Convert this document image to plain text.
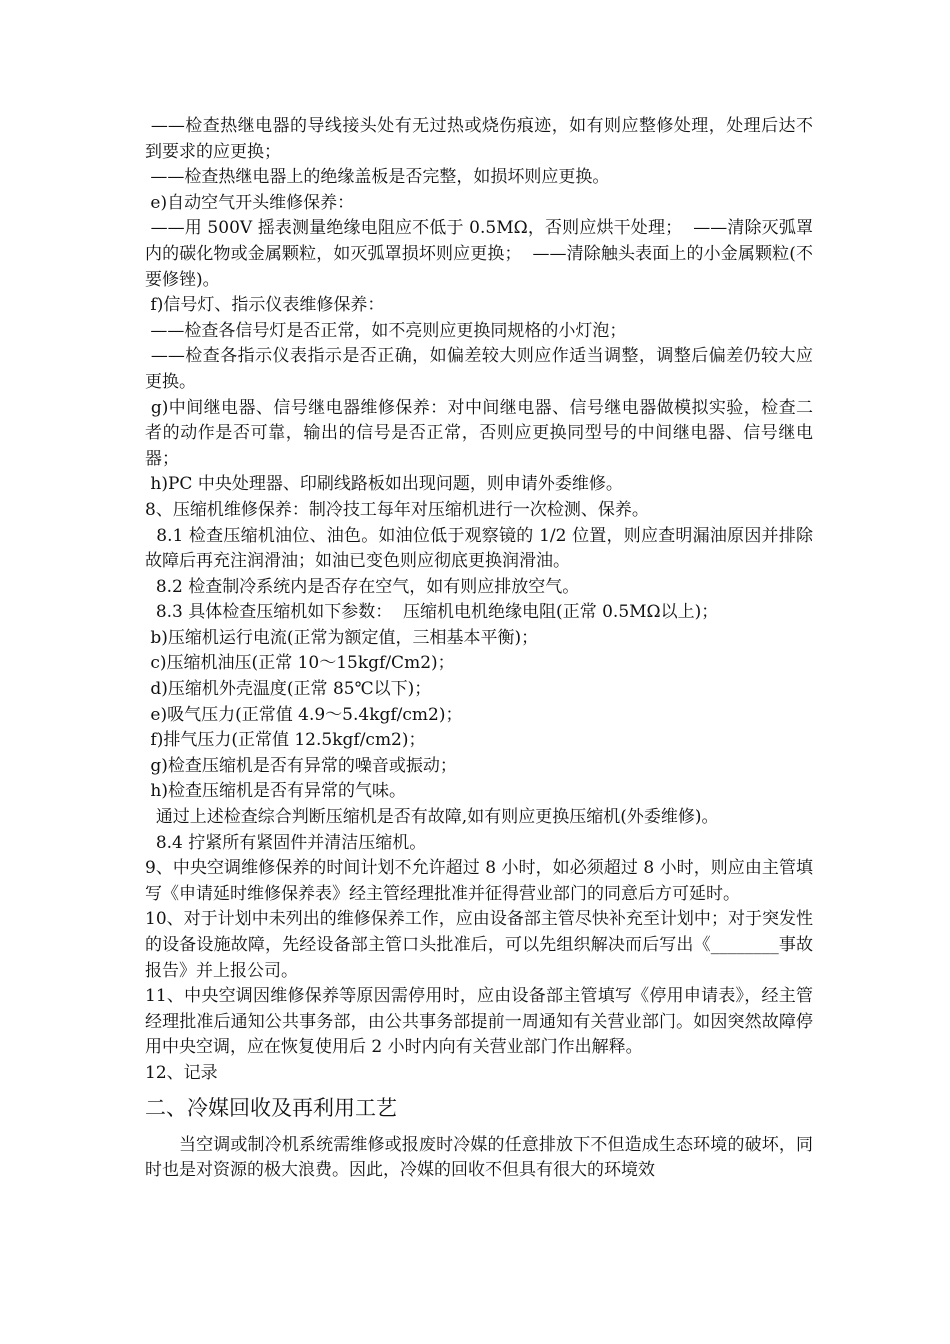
——检查热继电器的导线接头处有无过热或烧伤痕迹，如有则应整修处理，处理后达不到要求的应更换；

——检查热继电器上的绝缘盖板是否完整，如损坏则应更换。

e)自动空气开头维修保养：

——用 500V 摇表测量绝缘电阻应不低于 0.5MΩ，否则应烘干处理；  ——清除灭弧罩内的碳化物或金属颗粒，如灭弧罩损坏则应更换；  ——清除触头表面上的小金属颗粒(不要修锉)。

f)信号灯、指示仪表维修保养：

——检查各信号灯是否正常，如不亮则应更换同规格的小灯泡；

——检查各指示仪表指示是否正确，如偏差较大则应作适当调整，调整后偏差仍较大应更换。

g)中间继电器、信号继电器维修保养：对中间继电器、信号继电器做模拟实验，检查二者的动作是否可靠，输出的信号是否正常，否则应更换同型号的中间继电器、信号继电器；

h)PC 中央处理器、印刷线路板如出现问题，则申请外委维修。

8、压缩机维修保养：制冷技工每年对压缩机进行一次检测、保养。

8.1 检查压缩机油位、油色。如油位低于观察镜的 1/2 位置，则应查明漏油原因并排除故障后再充注润滑油；如油已变色则应彻底更换润滑油。

8.2 检查制冷系统内是否存在空气，如有则应排放空气。

8.3 具体检查压缩机如下参数：  压缩机电机绝缘电阻(正常 0.5MΩ以上)；

b)压缩机运行电流(正常为额定值，三相基本平衡)；

c)压缩机油压(正常 10～15kgf/Cm2)；

d)压缩机外壳温度(正常 85℃以下)；

e)吸气压力(正常值 4.9～5.4kgf/cm2)；

f)排气压力(正常值 12.5kgf/cm2)；

g)检查压缩机是否有异常的噪音或振动；

h)检查压缩机是否有异常的气味。

通过上述检查综合判断压缩机是否有故障,如有则应更换压缩机(外委维修)。

8.4 拧紧所有紧固件并清洁压缩机。

9、中央空调维修保养的时间计划不允许超过 8 小时，如必须超过 8 小时，则应由主管填写《申请延时维修保养表》经主管经理批准并征得营业部门的同意后方可延时。

10、对于计划中未列出的维修保养工作，应由设备部主管尽快补充至计划中；对于突发性的设备设施故障，先经设备部主管口头批准后，可以先组织解决而后写出《________事故报告》并上报公司。

11、中央空调因维修保养等原因需停用时，应由设备部主管填写《停用申请表》，经主管经理批准后通知公共事务部，由公共事务部提前一周通知有关营业部门。如因突然故障停用中央空调，应在恢复使用后 2 小时内向有关营业部门作出解释。

12、记录

二、冷媒回收及再利用工艺

当空调或制冷机系统需维修或报废时冷媒的任意排放下不但造成生态环境的破坏，同时也是对资源的极大浪费。因此，冷媒的回收不但具有很大的环境效
